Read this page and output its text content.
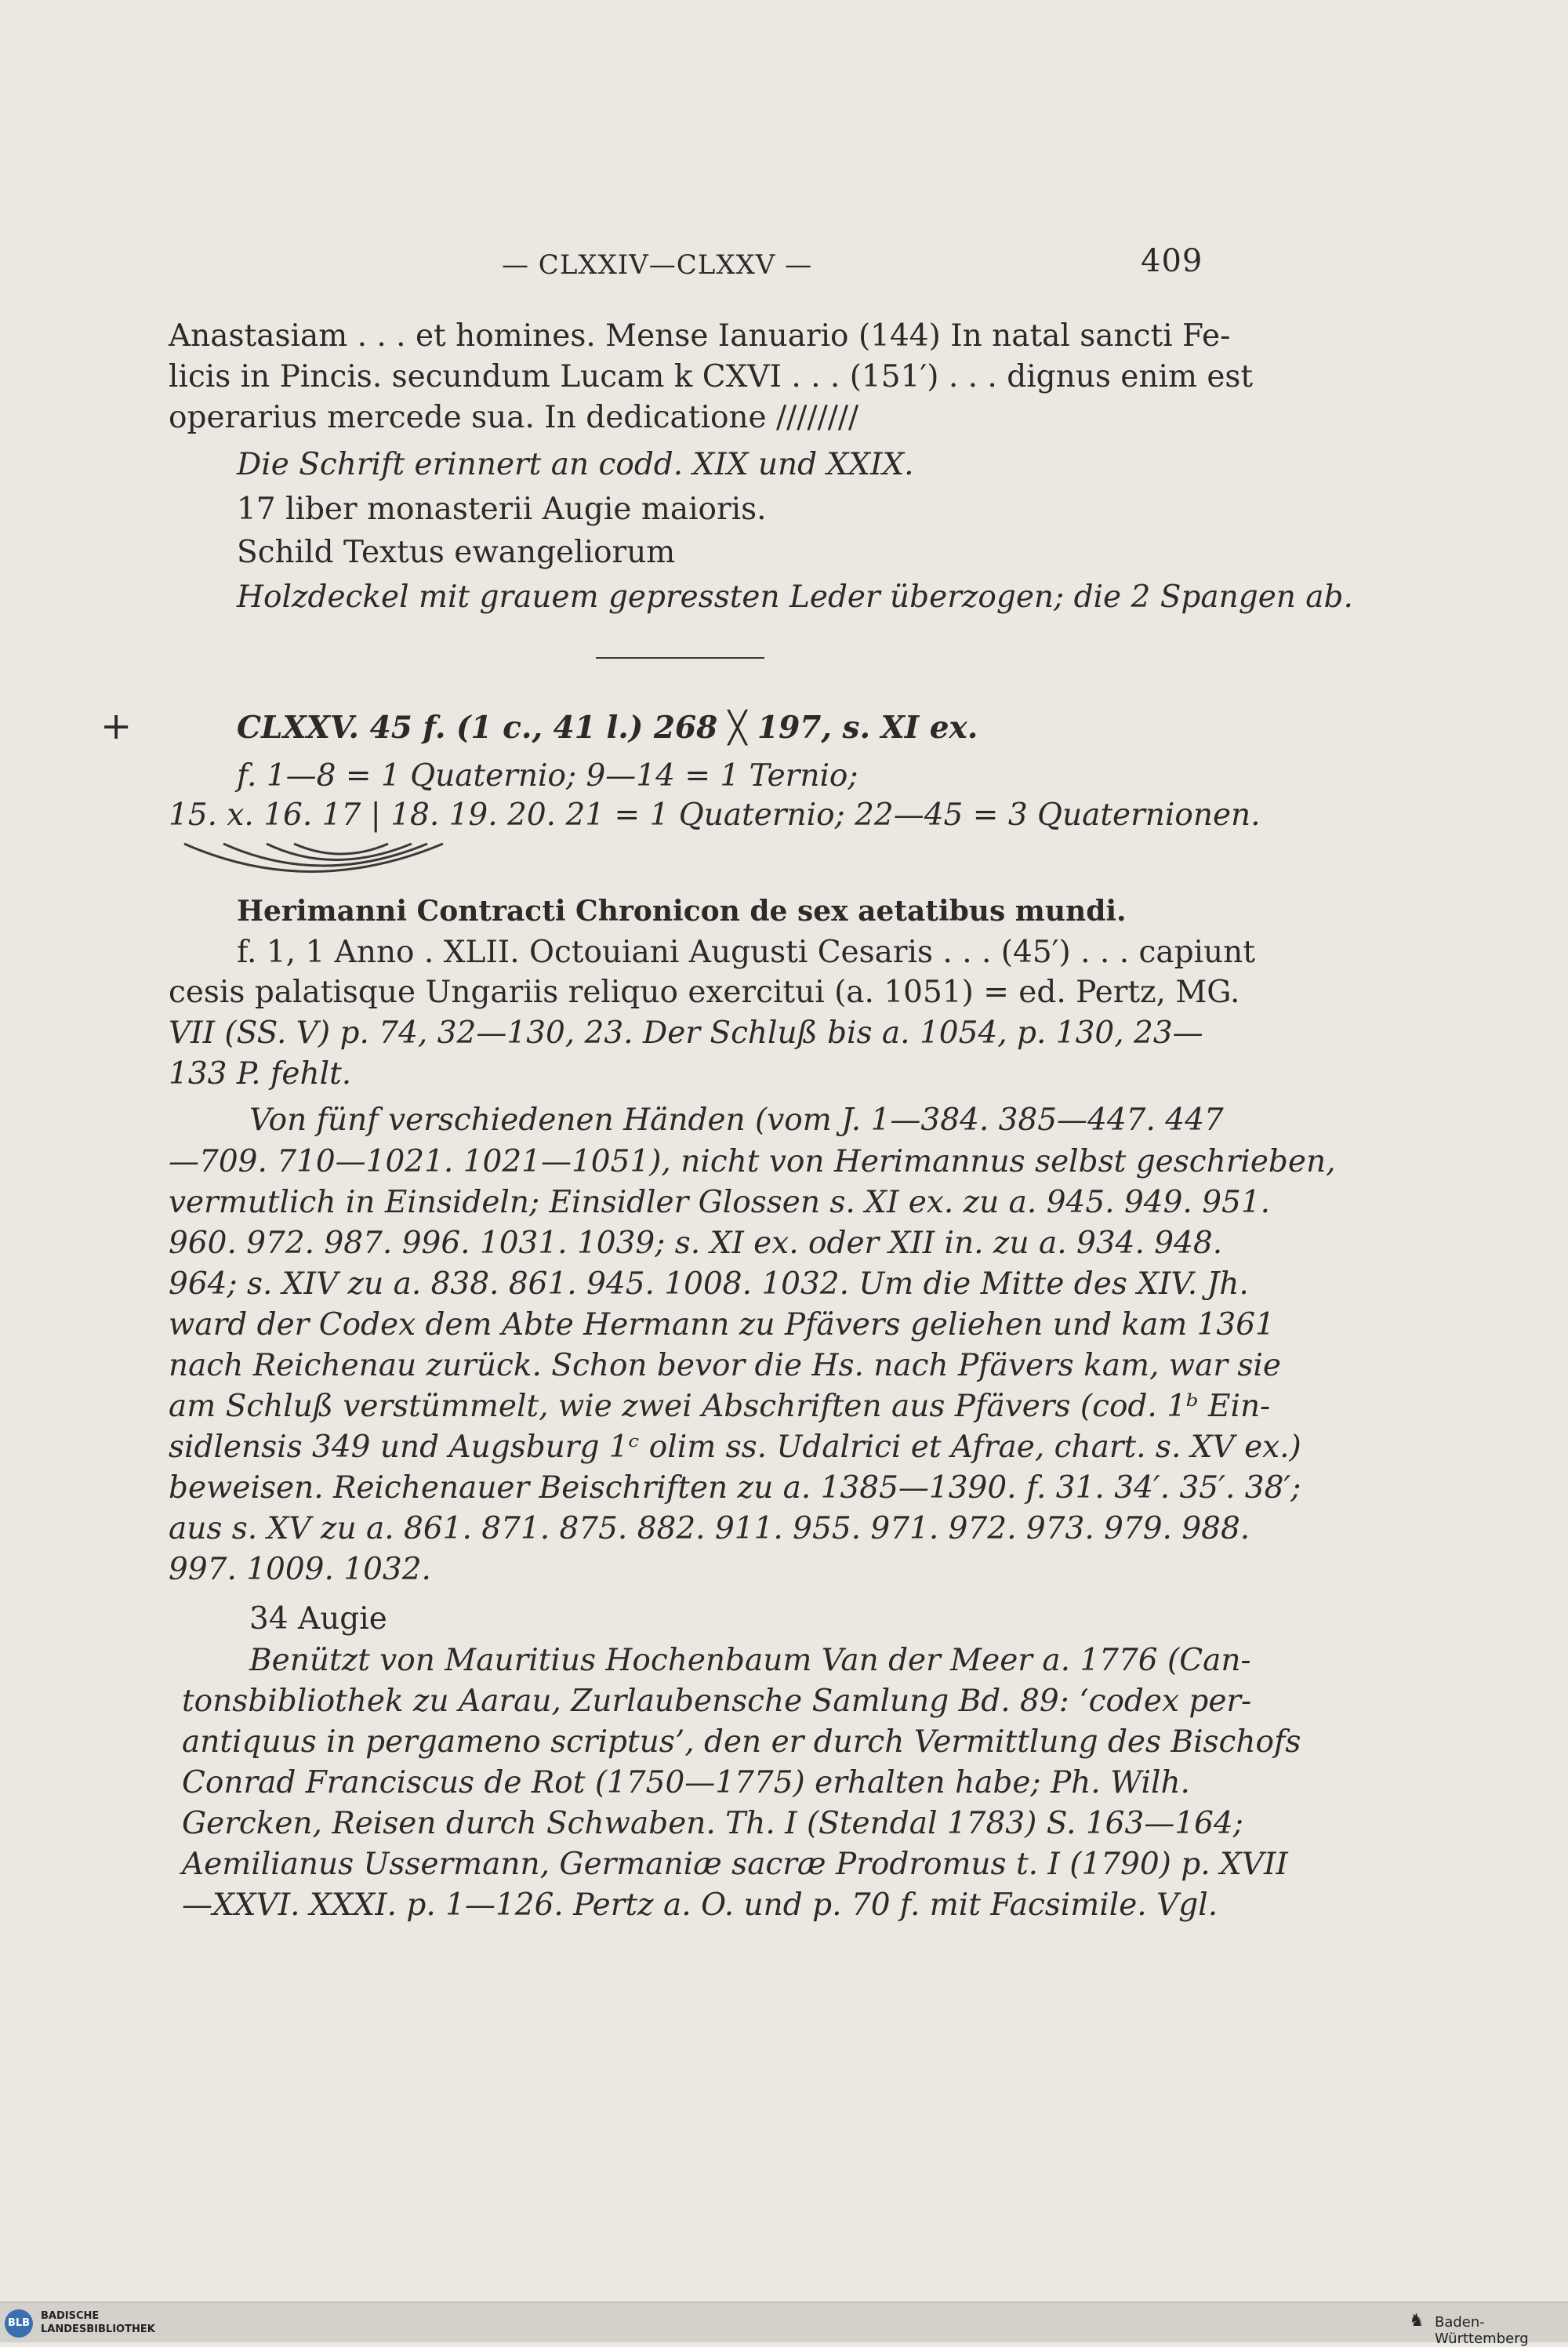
— CLXXIV—CLXXV —	409
Anastasiam . . . et homines. Mense Ianuario (144) In natal sancti Fe-
licis in Pincis. secundum Lucam k CXVI . . . (151′) . . . dignus enim est
operarius mercede sua. In dedicatione ////////
Die Schrift erinnert an codd. XIX und XXIX.
17 liber monasterii Augie maioris.
Schild Textus ewangeliorum
Holzdeckel mit grauem gepressten Leder überzogen; die 2 Spangen ab.
+	CLXXV. 45 f. (1 c., 41 l.) 268 ╳ 197, s. XI ex.
f. 1—8 = 1 Quaternio; 9—14 = 1 Ternio;
15. x. 16. 17 | 18. 19. 20. 21 = 1 Quaternio; 22—45 = 3 Quaternionen.
Herimanni Contracti Chronicon de sex aetatibus mundi.
f. 1, 1 Anno . XLII. Octouiani Augusti Cesaris . . . (45′) . . . capiunt
cesis palatisque Ungariis reliquo exercitui (a. 1051) = ed. Pertz, MG.
VII (SS. V) p. 74, 32—130, 23. Der Schluß bis a. 1054, p. 130, 23—
133 P. fehlt.
Von fünf verschiedenen Händen (vom J. 1—384. 385—447. 447
—709. 710—1021. 1021—1051), nicht von Herimannus selbst geschrieben,
vermutlich in Einsideln; Einsidler Glossen s. XI ex. zu a. 945. 949. 951.
960. 972. 987. 996. 1031. 1039; s. XI ex. oder XII in. zu a. 934. 948.
964; s. XIV zu a. 838. 861. 945. 1008. 1032. Um die Mitte des XIV. Jh.
ward der Codex dem Abte Hermann zu Pfävers geliehen und kam 1361
nach Reichenau zurück. Schon bevor die Hs. nach Pfävers kam, war sie
am Schluß verstümmelt, wie zwei Abschriften aus Pfävers (cod. 1ᵇ Ein-
sidlensis 349 und Augsburg 1ᶜ olim ss. Udalrici et Afrae, chart. s. XV ex.)
beweisen. Reichenauer Beischriften zu a. 1385—1390. f. 31. 34′. 35′. 38′;
aus s. XV zu a. 861. 871. 875. 882. 911. 955. 971. 972. 973. 979. 988.
997. 1009. 1032.
34 Augie
Benützt von Mauritius Hochenbaum Van der Meer a. 1776 (Can-
tonsbibliothek zu Aarau, Zurlaubensche Samlung Bd. 89: ‘codex per-
antiquus in pergameno scriptus’, den er durch Vermittlung des Bischofs
Conrad Franciscus de Rot (1750—1775) erhalten habe; Ph. Wilh.
Gercken, Reisen durch Schwaben. Th. I (Stendal 1783) S. 163—164;
Aemilianus Ussermann, Germaniæ sacræ Prodromus t. I (1790) p. XVII
—XXVI. XXXI. p. 1—126. Pertz a. O. und p. 70 f. mit Facsimile. Vgl.
BLB
BADISCHE
LANDESBIBLIOTHEK	♞ Baden-Württemberg
